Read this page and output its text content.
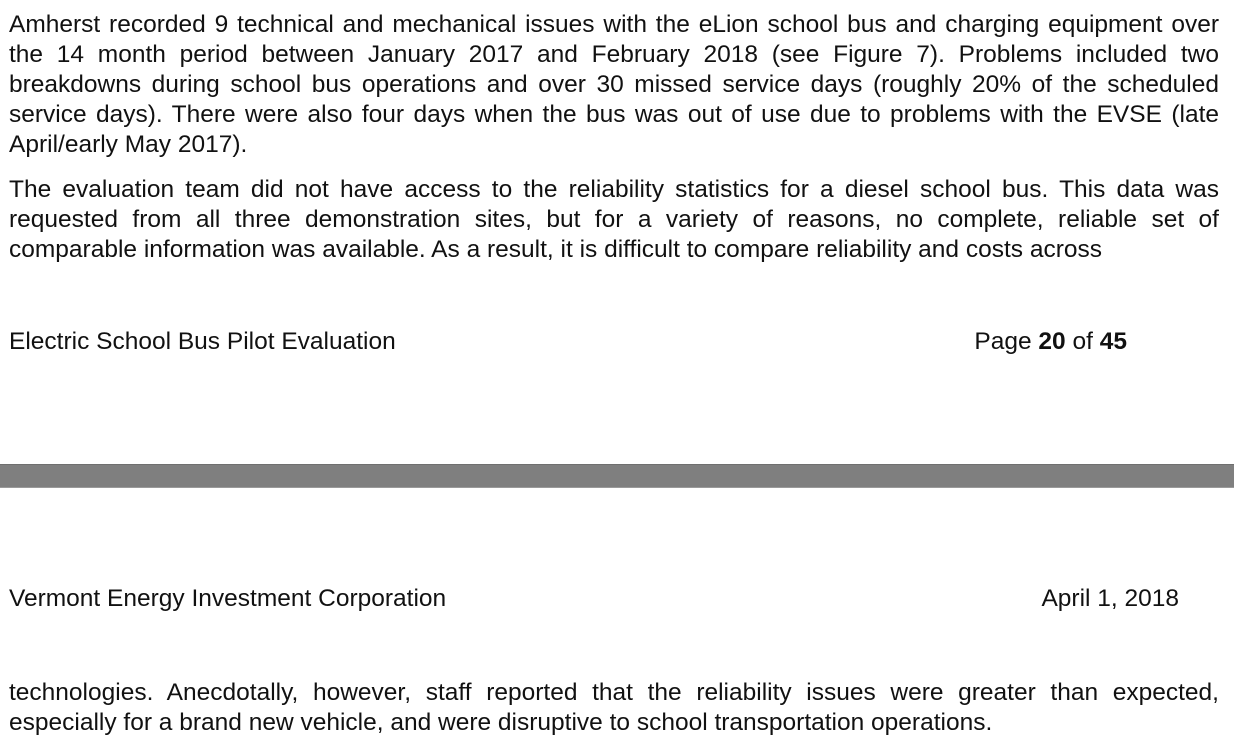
Amherst recorded 9 technical and mechanical issues with the eLion school bus and charging equipment over the 14 month period between January 2017 and February 2018 (see Figure 7). Problems included two breakdowns during school bus operations and over 30 missed service days (roughly 20% of the scheduled service days). There were also four days when the bus was out of use due to problems with the EVSE (late April/early May 2017).

The evaluation team did not have access to the reliability statistics for a diesel school bus. This data was requested from all three demonstration sites, but for a variety of reasons, no complete, reliable set of comparable information was available. As a result, it is difficult to compare reliability and costs across

Electric School Bus Pilot Evaluation	Page 20 of 45
Vermont Energy Investment Corporation	April 1, 2018

technologies. Anecdotally, however, staff reported that the reliability issues were greater than expected, especially for a brand new vehicle, and were disruptive to school transportation operations.
